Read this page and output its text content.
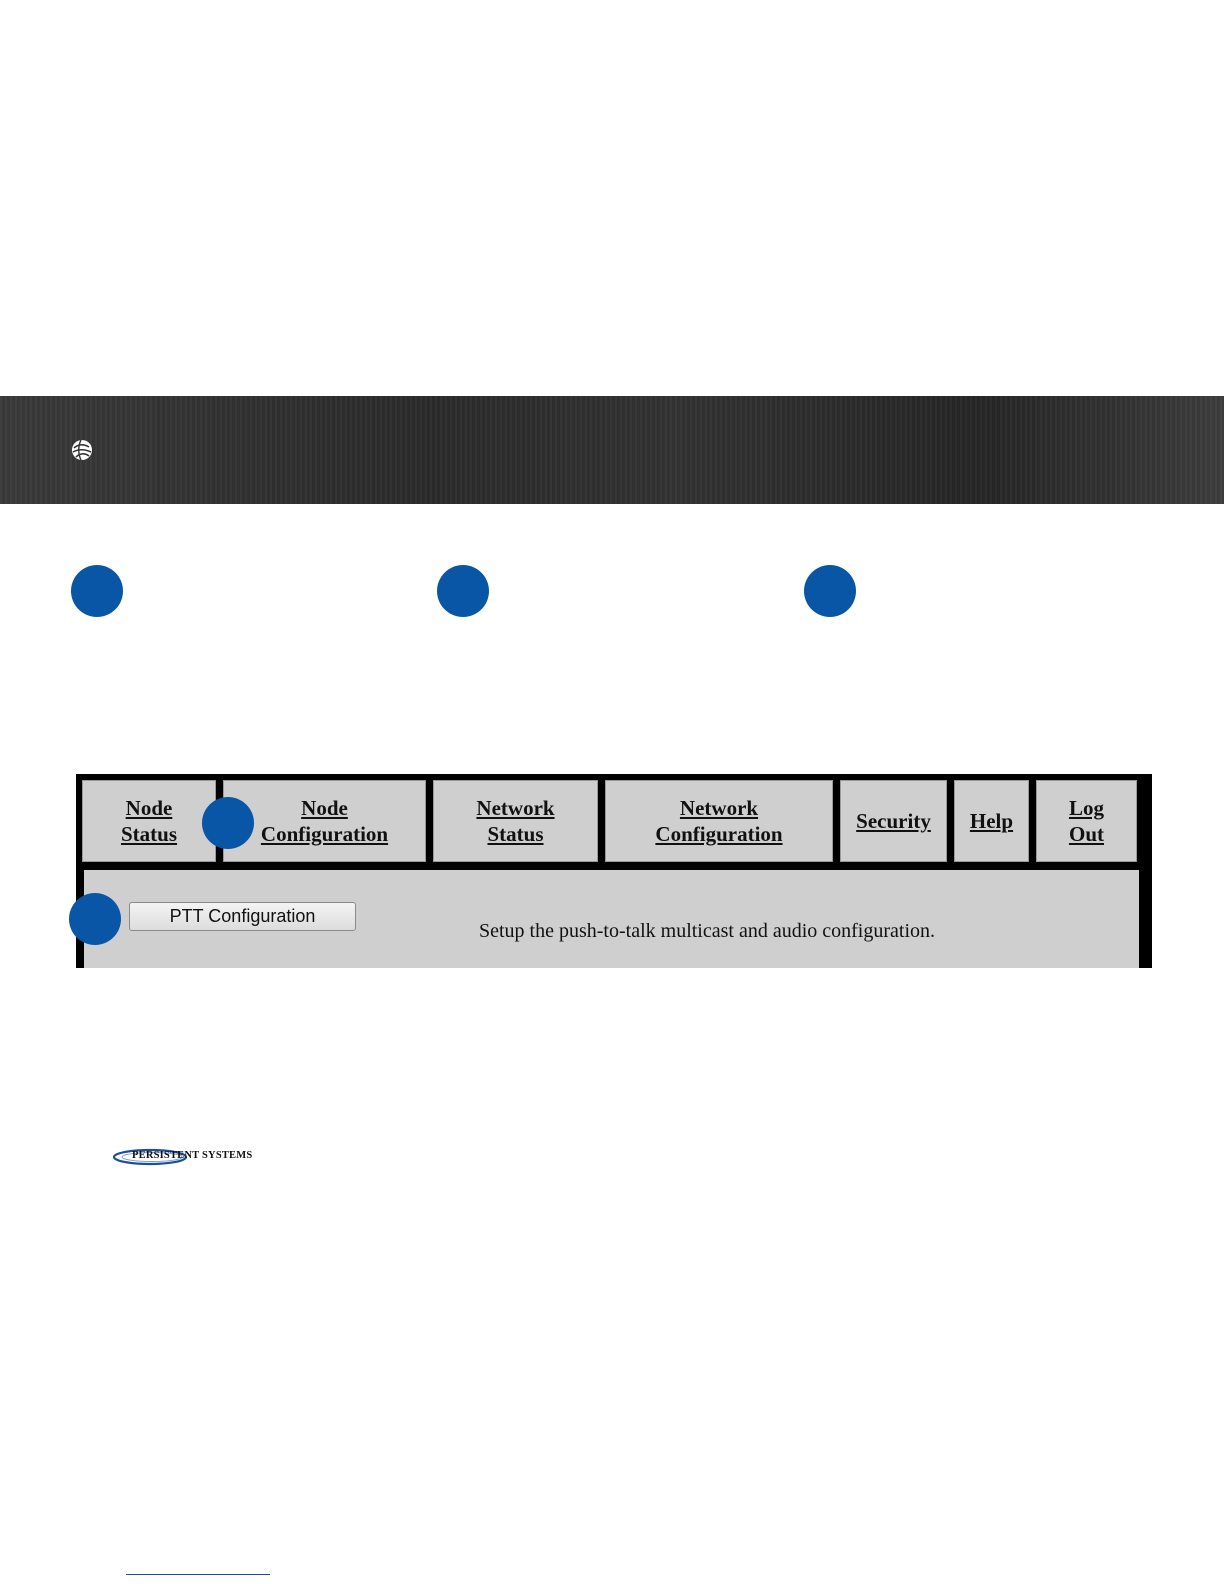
Node
Status
Node
Configuration
Network
Status
Network
Configuration
Security Help
Log
Out
PTT Configuration
Setup the push-to-talk multicast and audio configuration.
PERSISTENT SYSTEMS
